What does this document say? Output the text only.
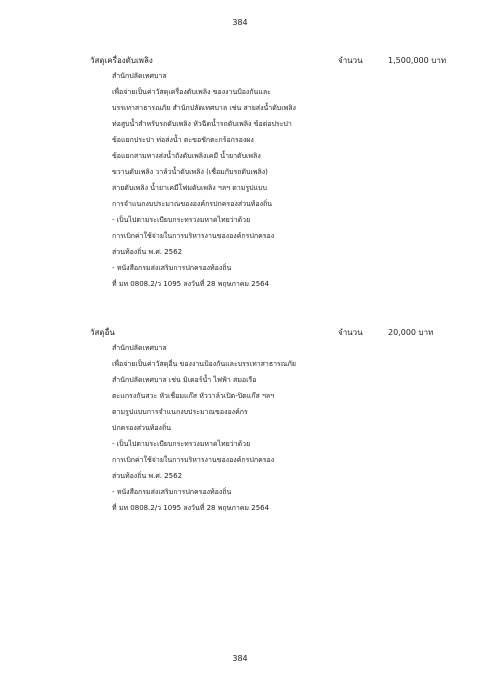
384
วัสดุเครื่องดับเพลิง	จำนวน	1,500,000 บาท
สำนักปลัดเทศบาล
เพื่อจ่ายเป็นค่าวัสดุเครื่องดับเพลิง ของงานป้องกันและ
บรรเทาสาธารณภัย สำนักปลัดเทศบาล เช่น สายส่งน้ำดับเพลิง
ท่อสูบน้ำสำหรับรถดับเพลิง หัวฉีดน้ำรถดับเพลิง ข้อต่อประปา
ข้อแยกประปา ท่อส่งน้ำ ตะขอชักตะกร้อกรองผง
ข้อแยกสามทางส่งน้ำถังดับเพลิงเคมี น้ำยาดับเพลิง
ขวานดับเพลิง วาล์วน้ำดับเพลิง (เชื่อมกับรถดับเพลิง)
สายดับเพลิง น้ำยาเคมีโฟมดับเพลิง ฯลฯ ตามรูปแบบ
การจำแนกงบประมาณขององค์กรปกครองส่วนท้องถิ่น
- เป็นไปตามระเบียบกระทรวงมหาดไทยว่าด้วย
การเบิกค่าใช้จ่ายในการบริหารงานขององค์กรปกครอง
ส่วนท้องถิ่น พ.ศ. 2562
- หนังสือกรมส่งเสริมการปกครองท้องถิ่น
ที่ มท 0808.2/ว 1095 ลงวันที่ 28 พฤษภาคม 2564
วัสดุอื่น	จำนวน	20,000 บาท
สำนักปลัดเทศบาล
เพื่อจ่ายเป็นค่าวัสดุอื่น ของงานป้องกันและบรรเทาสาธารณภัย
สำนักปลัดเทศบาล เช่น มิเตอร์น้ำ ไฟฟ้า สมอเรือ
ตะแกรงกันสวะ หัวเชื่อมแก๊ส หัววาล์วเปิด-ปิดแก๊ส ฯลฯ
ตามรูปแบบการจำแนกงบประมาณขององค์กร
ปกครองส่วนท้องถิ่น
- เป็นไปตามระเบียบกระทรวงมหาดไทยว่าด้วย
การเบิกค่าใช้จ่ายในการบริหารงานขององค์กรปกครอง
ส่วนท้องถิ่น พ.ศ. 2562
- หนังสือกรมส่งเสริมการปกครองท้องถิ่น
ที่ มท 0808.2/ว 1095 ลงวันที่ 28 พฤษภาคม 2564
384
